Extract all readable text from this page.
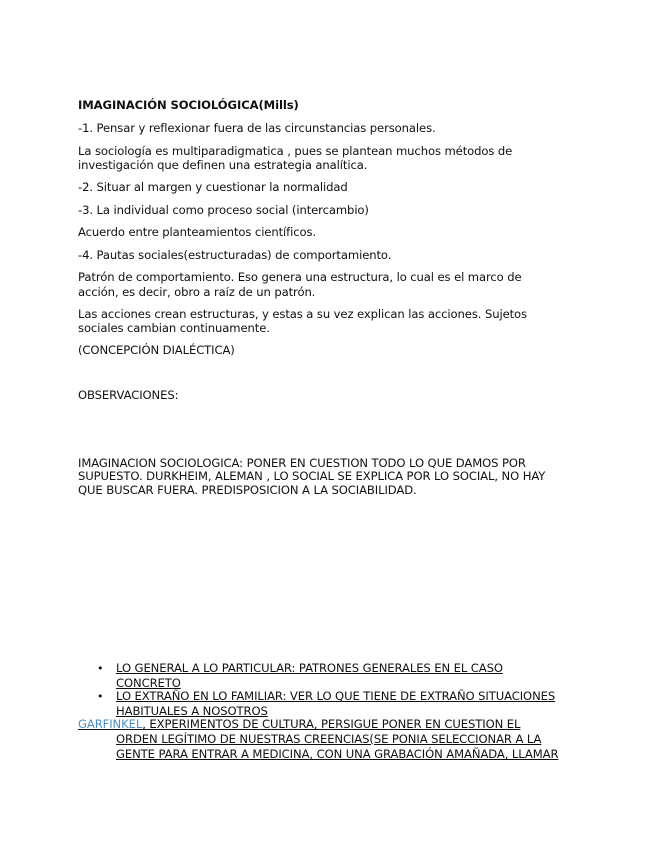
IMAGINACIÓN SOCIOLÓGICA(Mills)
-1. Pensar y reflexionar fuera de las circunstancias personales.
La sociología es multiparadigmatica , pues se plantean muchos métodos de
investigación que definen una estrategia analítica.
-2. Situar al margen y cuestionar la normalidad
-3. La individual como proceso social (intercambio)
Acuerdo entre planteamientos científicos.
-4. Pautas sociales(estructuradas) de comportamiento.
Patrón de comportamiento. Eso genera una estructura, lo cual es el marco de
acción, es decir, obro a raíz de un patrón.
Las acciones crean estructuras, y estas a su vez explican las acciones. Sujetos
sociales cambian continuamente.
(CONCEPCIÓN DIALÉCTICA)
OBSERVACIONES:
IMAGINACION SOCIOLOGICA: PONER EN CUESTION TODO LO QUE DAMOS POR
SUPUESTO. DURKHEIM, ALEMAN , LO SOCIAL SE EXPLICA POR LO SOCIAL, NO HAY
QUE BUSCAR FUERA. PREDISPOSICION A LA SOCIABILIDAD.
• LO GENERAL A LO PARTICULAR: PATRONES GENERALES EN EL CASO
CONCRETO
• LO EXTRAÑO EN LO FAMILIAR: VER LO QUE TIENE DE EXTRAÑO SITUACIONES
HABITUALES A NOSOTROS
GARFINKEL, EXPERIMENTOS DE CULTURA, PERSIGUE PONER EN CUESTION EL
ORDEN LEGÍTIMO DE NUESTRAS CREENCIAS(SE PONIA SELECCIONAR A LA
GENTE PARA ENTRAR A MEDICINA, CON UNA GRABACIÓN AMAÑADA, LLAMAR
